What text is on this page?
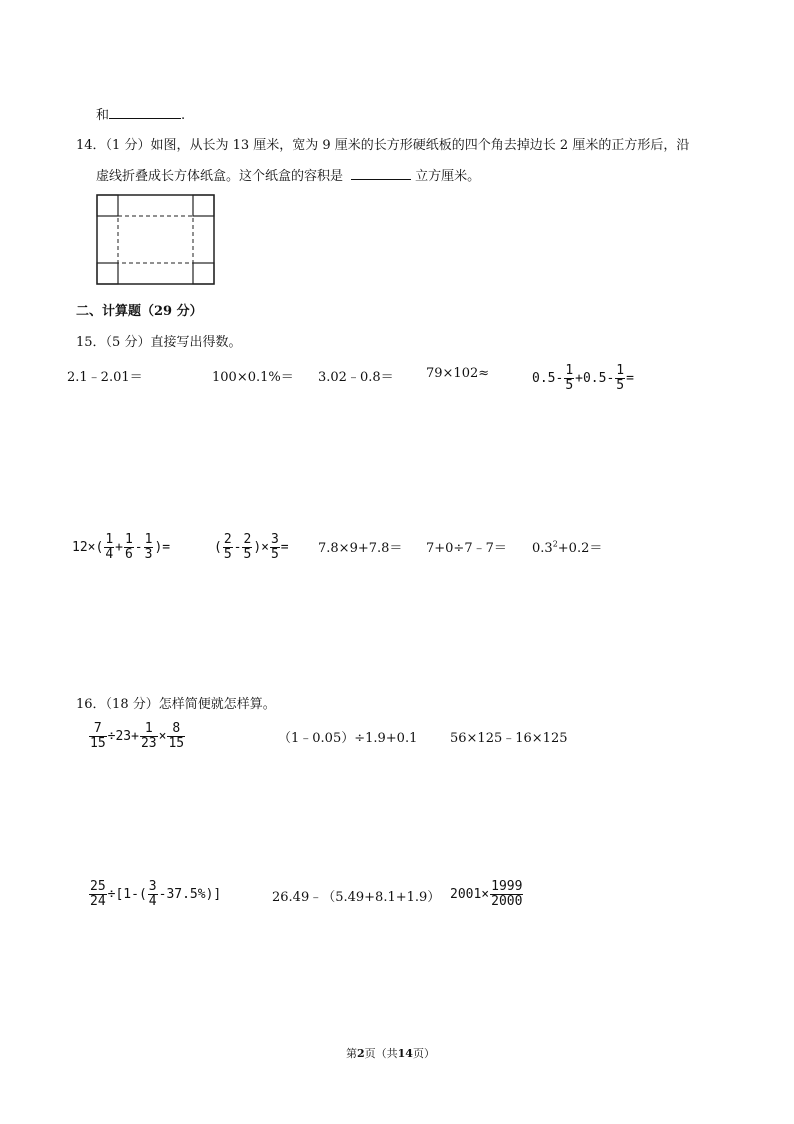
和	.
14．（1 分）如图，从长为 13 厘米，宽为 9 厘米的长方形硬纸板的四个角去掉边长 2 厘米的正方形后，沿
虚线折叠成长方体纸盒。这个纸盒的容积是	立方厘米。
二、计算题（29 分）
15．（5 分）直接写出得数。
2.1﹣2.01＝	100×0.1%＝ 3.02﹣0.8＝ 79×102≈	$0.5- \frac{1}{5} +0.5- \frac{1}{5}$ =
$12\times( \frac{1}{4} + \frac{1}{6} - \frac{1}{3}$ )=	( $\frac{2}{5} - \frac{2}{5}$ )× $\frac{3}{5} = 7.8\times 9+7.8=$ 7+0÷7﹣7＝ $0.3^2+0.2=$
16．（18 分）怎样简便就怎样算。
$\frac{7}{15} \div 23+ \frac{1}{23} \times \frac{8}{15}$	（1﹣0.05）÷1.9+0.1	56×125﹣16×125
$\frac{25}{24} \div[1-( \frac{3}{4} -37.5\%)]$	26.49﹣（5.49+8.1+1.9） $2001\times \frac{1999}{2000}$
第2页（共14页）
